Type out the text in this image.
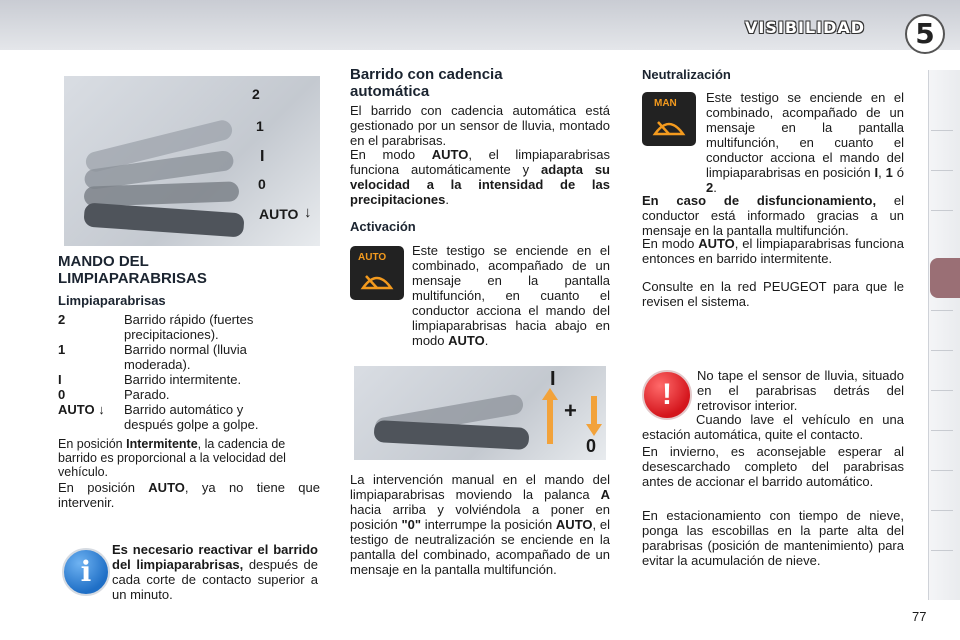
VISIBILIDAD	5
2
1
I
0
AUTO ↓
MANDO DEL
LIMPIAPARABRISAS
Limpiaparabrisas
2	Barrido rápido (fuertes
precipitaciones).

1	Barrido normal (lluvia
moderada).

I	Barrido intermitente.

0	Parado.

AUTO ↓	Barrido automático y
después golpe a golpe.

En posición Intermitente, la cadencia de barrido es proporcional a la velocidad del vehículo.

En posición AUTO, ya no tiene que intervenir.

i

Es necesario reactivar el barrido del limpiaparabrisas, después de cada corte de contacto superior a un minuto.

Barrido con cadencia
automática

El barrido con cadencia automática está gestionado por un sensor de lluvia, montado en el parabrisas.

En modo AUTO, el limpiaparabrisas funciona automáticamente y adapta su velocidad a la intensidad de las precipitaciones.

Activación
AUTO Este testigo se enciende en el combinado, acompañado de un mensaje en la pantalla multifunción, en cuanto el conductor acciona el mando del limpiaparabrisas hacia abajo en modo AUTO.

I
+
0

La intervención manual en el mando del limpiaparabrisas moviendo la palanca A hacia arriba y volviéndola a poner en posición "0" interrumpe la posición AUTO, el testigo de neutralización se enciende en la pantalla del combinado, acompañado de un mensaje en la pantalla multifunción.

Neutralización
MAN Este testigo se enciende en el combinado, acompañado de un mensaje en la pantalla multifunción, en cuanto el conductor acciona el mando del limpiaparabrisas en posición I, 1 ó 2.

En caso de disfuncionamiento, el conductor está informado gracias a un mensaje en la pantalla multifunción.

En modo AUTO, el limpiaparabrisas funciona entonces en barrido intermitente.

Consulte en la red PEUGEOT para que le revisen el sistema.

!

No tape el sensor de lluvia, situado en el parabrisas detrás del retrovisor interior.

Cuando lave el vehículo en una estación automática, quite el contacto.

En invierno, es aconsejable esperar al desescarchado completo del parabrisas antes de accionar el barrido automático.

En estacionamiento con tiempo de nieve, ponga las escobillas en la parte alta del parabrisas (posición de mantenimiento) para evitar la acumulación de nieve.

77
